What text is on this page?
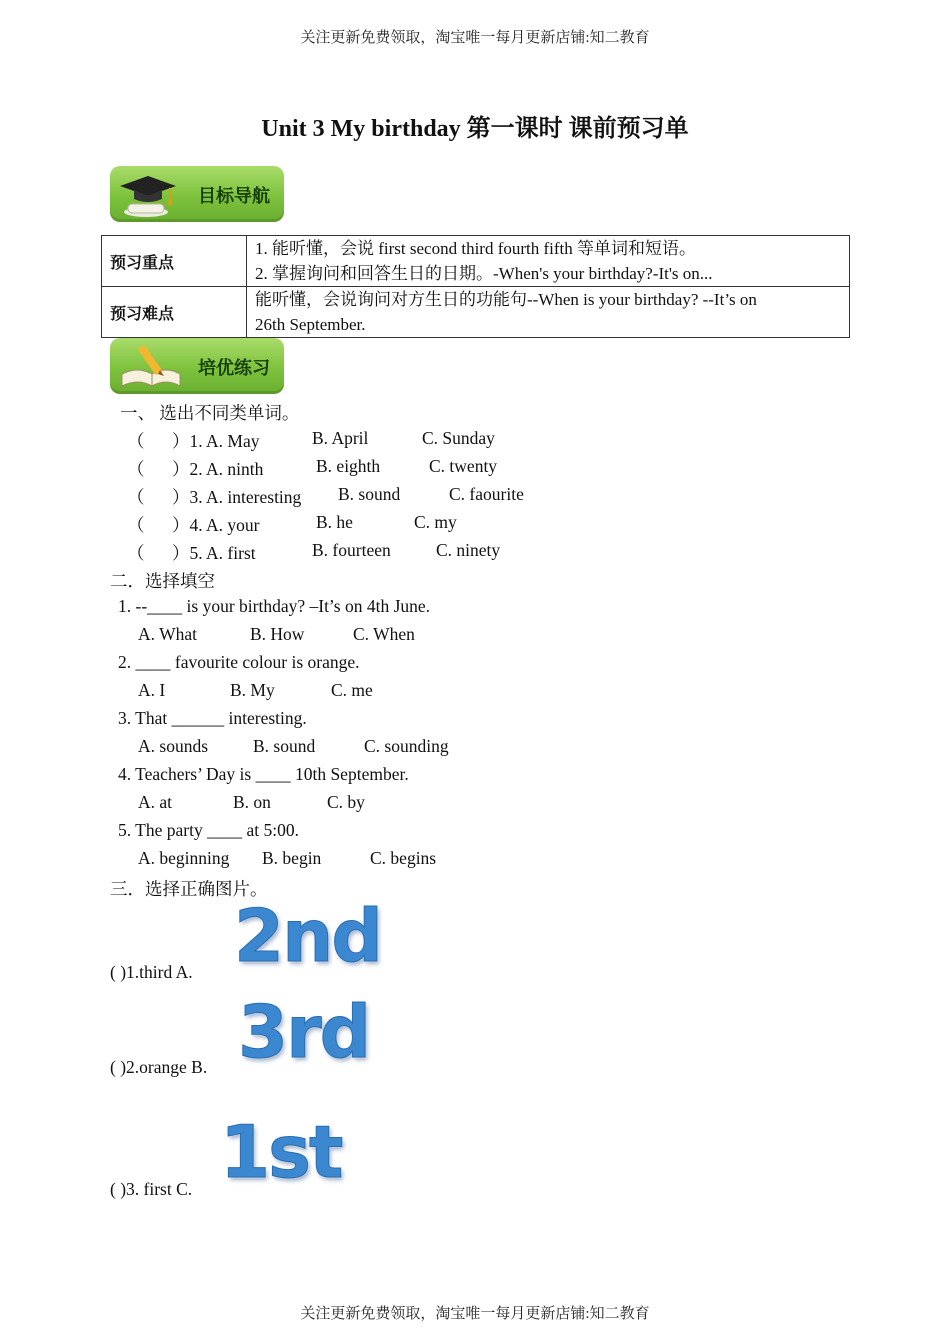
关注更新免费领取，淘宝唯一每月更新店铺:知二教育
关注更新免费领取，淘宝唯一每月更新店铺:知二教育
Unit 3 My birthday 第一课时 课前预习单
目标导航
预习重点	1. 能听懂，会说 first second third fourth fifth 等单词和短语。
2. 掌握询问和回答生日的日期。-When's your birthday?-It's on...

预习难点	能听懂，会说询问对方生日的功能句--When is your birthday? --It’s on
26th September.
培优练习
一、 选出不同类单词。
（ ）1. A. May	B. April	C. Sunday
（ ）2. A. ninth	B. eighth	C. twenty
（ ）3. A. interesting B. sound	C. faourite
（ ）4. A. your	B. he	C. my
（ ）5. A. first	B. fourteen	C. ninety
二．选择填空
1. --____ is your birthday? –It’s on 4th June.
A. What	B. How	C. When
2. ____ favourite colour is orange.
A. I	B. My	C. me
3. That ______ interesting.
A. sounds	B. sound	C. sounding
4. Teachers’ Day is ____ 10th September.
A. at	B. on	C. by
5. The party ____ at 5:00.
A. beginning B. begin	C. begins
三．选择正确图片。
( )1.third A. 2nd
( )2.orange B. 3rd
( )3. first C. 1st
